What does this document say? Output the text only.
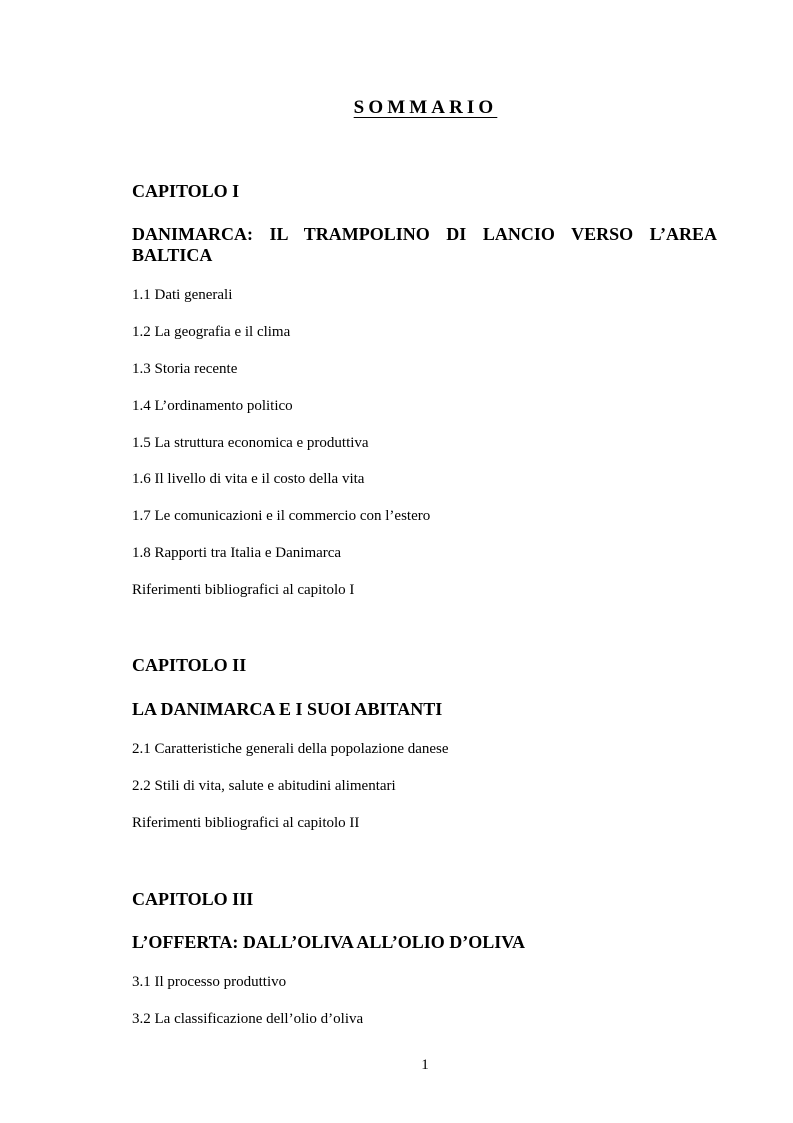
SOMMARIO
CAPITOLO I
DANIMARCA: IL TRAMPOLINO DI LANCIO VERSO L’AREA
BALTICA
1.1 Dati generali
1.2 La geografia e il clima
1.3 Storia recente
1.4 L’ordinamento politico
1.5 La struttura economica e produttiva
1.6 Il livello di vita e il costo della vita
1.7 Le comunicazioni e il commercio con l’estero
1.8 Rapporti tra Italia e Danimarca
Riferimenti bibliografici al capitolo I
CAPITOLO II
LA DANIMARCA E I SUOI ABITANTI
2.1 Caratteristiche generali della popolazione danese
2.2 Stili di vita, salute e abitudini alimentari
Riferimenti bibliografici al capitolo II
CAPITOLO III
L’OFFERTA: DALL’OLIVA ALL’OLIO D’OLIVA
3.1 Il processo produttivo
3.2 La classificazione dell’olio d’oliva
1
